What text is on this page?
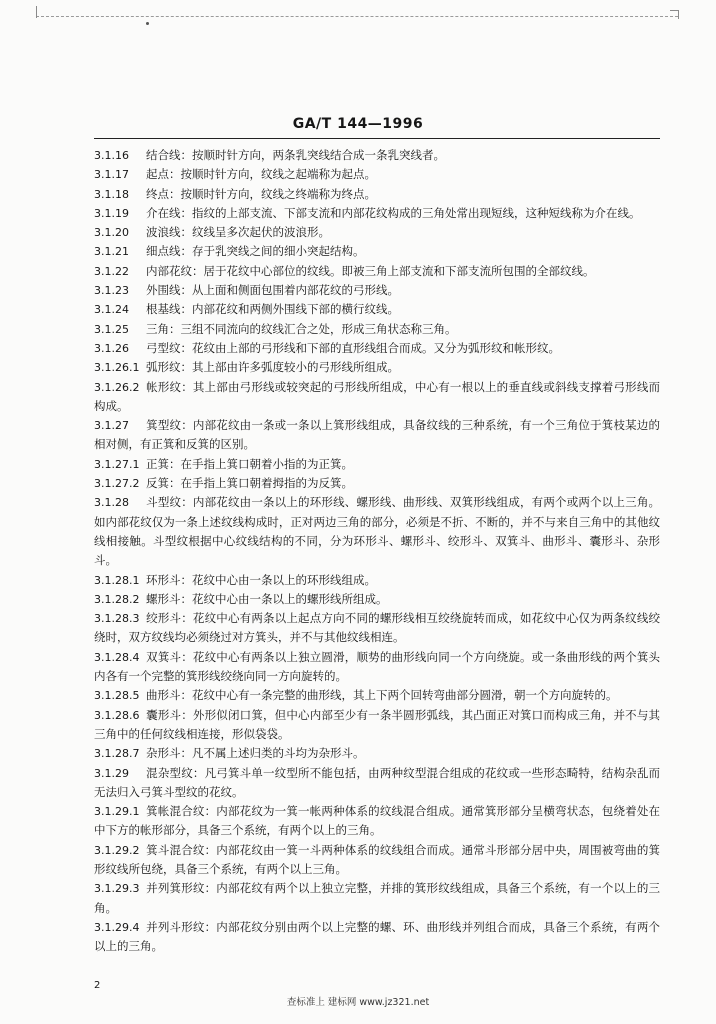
GA/T 144—1996
3.1.16 结合线：按顺时针方向，两条乳突线结合成一条乳突线者。
3.1.17 起点：按顺时针方向，纹线之起端称为起点。
3.1.18 终点：按顺时针方向，纹线之终端称为终点。
3.1.19 介在线：指纹的上部支流、下部支流和内部花纹构成的三角处常出现短线，这种短线称为介在线。
3.1.20 波浪线：纹线呈多次起伏的波浪形。
3.1.21 细点线：存于乳突线之间的细小突起结构。
3.1.22 内部花纹：居于花纹中心部位的纹线。即被三角上部支流和下部支流所包围的全部纹线。
3.1.23 外围线：从上面和侧面包围着内部花纹的弓形线。
3.1.24 根基线：内部花纹和两侧外围线下部的横行纹线。
3.1.25 三角：三组不同流向的纹线汇合之处，形成三角状态称三角。
3.1.26 弓型纹：花纹由上部的弓形线和下部的直形线组合而成。又分为弧形纹和帐形纹。
3.1.26.1 弧形纹：其上部由许多弧度较小的弓形线所组成。
3.1.26.2 帐形纹：其上部由弓形线或较突起的弓形线所组成，中心有一根以上的垂直线或斜线支撑着弓形线而构成。
3.1.27 箕型纹：内部花纹由一条或一条以上箕形线组成，具备纹线的三种系统，有一个三角位于箕枝某边的相对侧，有正箕和反箕的区别。
3.1.27.1 正箕：在手指上箕口朝着小指的为正箕。
3.1.27.2 反箕：在手指上箕口朝着拇指的为反箕。
3.1.28 斗型纹：内部花纹由一条以上的环形线、螺形线、曲形线、双箕形线组成，有两个或两个以上三角。如内部花纹仅为一条上述纹线构成时，正对两边三角的部分，必须是不折、不断的，并不与来自三角中的其他纹线相接触。斗型纹根据中心纹线结构的不同，分为环形斗、螺形斗、绞形斗、双箕斗、曲形斗、囊形斗、杂形斗。
3.1.28.1 环形斗：花纹中心由一条以上的环形线组成。
3.1.28.2 螺形斗：花纹中心由一条以上的螺形线所组成。
3.1.28.3 绞形斗：花纹中心有两条以上起点方向不同的螺形线相互绞绕旋转而成，如花纹中心仅为两条纹线绞绕时，双方纹线均必须绕过对方箕头，并不与其他纹线相连。
3.1.28.4 双箕斗：花纹中心有两条以上独立圆滑，顺势的曲形线向同一个方向绕旋。或一条曲形线的两个箕头内各有一个完整的箕形线绞绕向同一方向旋转的。
3.1.28.5 曲形斗：花纹中心有一条完整的曲形线，其上下两个回转弯曲部分圆滑，朝一个方向旋转的。
3.1.28.6 囊形斗：外形似闭口箕，但中心内部至少有一条半圆形弧线，其凸面正对箕口而构成三角，并不与其三角中的任何纹线相连接，形似袋袋。
3.1.28.7 杂形斗：凡不属上述归类的斗均为杂形斗。
3.1.29 混杂型纹：凡弓箕斗单一纹型所不能包括，由两种纹型混合组成的花纹或一些形态畸特，结构杂乱而无法归入弓箕斗型纹的花纹。
3.1.29.1 箕帐混合纹：内部花纹为一箕一帐两种体系的纹线混合组成。通常箕形部分呈横弯状态，包绕着处在中下方的帐形部分，具备三个系统，有两个以上的三角。
3.1.29.2 箕斗混合纹：内部花纹由一箕一斗两种体系的纹线组合而成。通常斗形部分居中央，周围被弯曲的箕形纹线所包绕，具备三个系统，有两个以上三角。
3.1.29.3 并列箕形纹：内部花纹有两个以上独立完整，并排的箕形纹线组成，具备三个系统，有一个以上的三角。
3.1.29.4 并列斗形纹：内部花纹分别由两个以上完整的螺、环、曲形线并列组合而成，具备三个系统，有两个以上的三角。
2
查标准上 建标网 www.jz321.net
